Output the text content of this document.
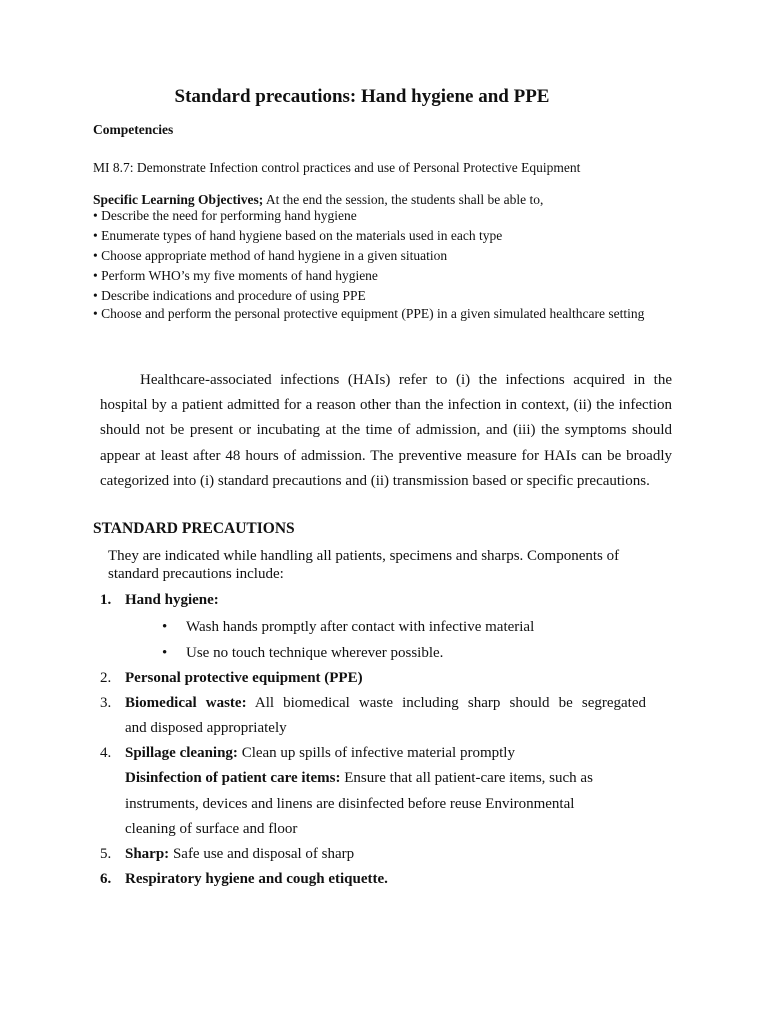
Standard precautions: Hand hygiene and PPE
Competencies
MI 8.7: Demonstrate Infection control practices and use of Personal Protective Equipment
Specific Learning Objectives; At the end the session, the students shall be able to,
• Describe the need for performing hand hygiene
• Enumerate types of hand hygiene based on the materials used in each type
• Choose appropriate method of hand hygiene in a given situation
• Perform WHO’s my five moments of hand hygiene
• Describe indications and procedure of using PPE
• Choose and perform the personal protective equipment (PPE) in a given simulated healthcare setting
Healthcare-associated infections (HAIs) refer to (i) the infections acquired in the hospital by a patient admitted for a reason other than the infection in context, (ii) the infection should not be present or incubating at the time of admission, and (iii) the symptoms should appear at least after 48 hours of admission. The preventive measure for HAIs can be broadly categorized into (i) standard precautions and (ii) transmission based or specific precautions.
STANDARD PRECAUTIONS
They are indicated while handling all patients, specimens and sharps. Components of standard precautions include:
1. Hand hygiene:
• Wash hands promptly after contact with infective material
• Use no touch technique wherever possible.
2. Personal protective equipment (PPE)
3. Biomedical waste: All biomedical waste including sharp should be segregated
and disposed appropriately
4. Spillage cleaning: Clean up spills of infective material promptly
Disinfection of patient care items: Ensure that all patient-care items, such as
instruments, devices and linens are disinfected before reuse Environmental
cleaning of surface and floor
5. Sharp: Safe use and disposal of sharp
6. Respiratory hygiene and cough etiquette.
